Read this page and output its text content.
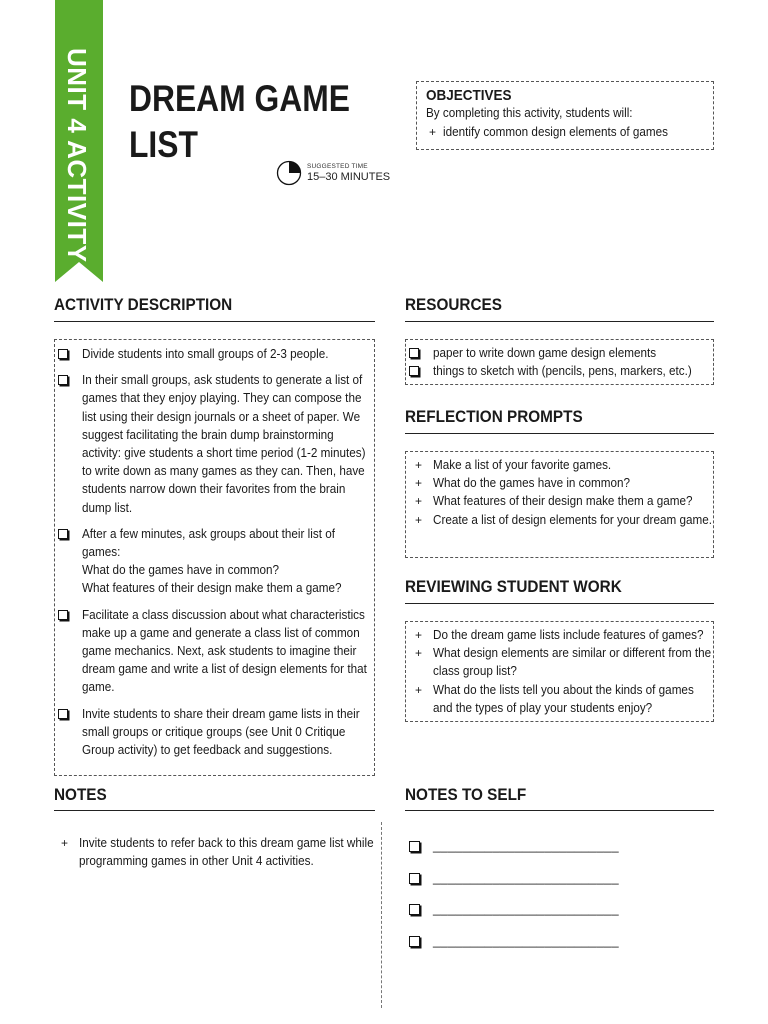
UNIT 4 ACTIVITY DREAM GAME
LIST
SUGGESTED TIME
15–30 MINUTES
OBJECTIVES
By completing this activity, students will:
+ identify common design elements of games
ACTIVITY DESCRIPTION
Divide students into small groups of 2-3 people.
In their small groups, ask students to generate a list of games that they enjoy playing. They can compose the list using their design journals or a sheet of paper. We suggest facilitating the brain dump brainstorming activity: give students a short time period (1-2 minutes) to write down as many games as they can. Then, have students narrow down their favorites from the brain dump list.
After a few minutes, ask groups about their list of games:
What do the games have in common?
What features of their design make them a game?
Facilitate a class discussion about what characteristics make up a game and generate a class list of common game mechanics. Next, ask students to imagine their dream game and write a list of design elements for that game.
Invite students to share their dream game lists in their small groups or critique groups (see Unit 0 Critique Group activity) to get feedback and suggestions.
RESOURCES
paper to write down game design elements
things to sketch with (pencils, pens, markers, etc.)
REFLECTION PROMPTS
+ Make a list of your favorite games.
+ What do the games have in common?
+ What features of their design make them a game?
+ Create a list of design elements for your dream game.
REVIEWING STUDENT WORK
+ Do the dream game lists include features of games?
+ What design elements are similar or different from the class group list?
+ What do the lists tell you about the kinds of games and the types of play your students enjoy?
NOTES
+ Invite students to refer back to this dream game list while programming games in other Unit 4 activities.
NOTES TO SELF
_________________________
_________________________
_________________________
_________________________
